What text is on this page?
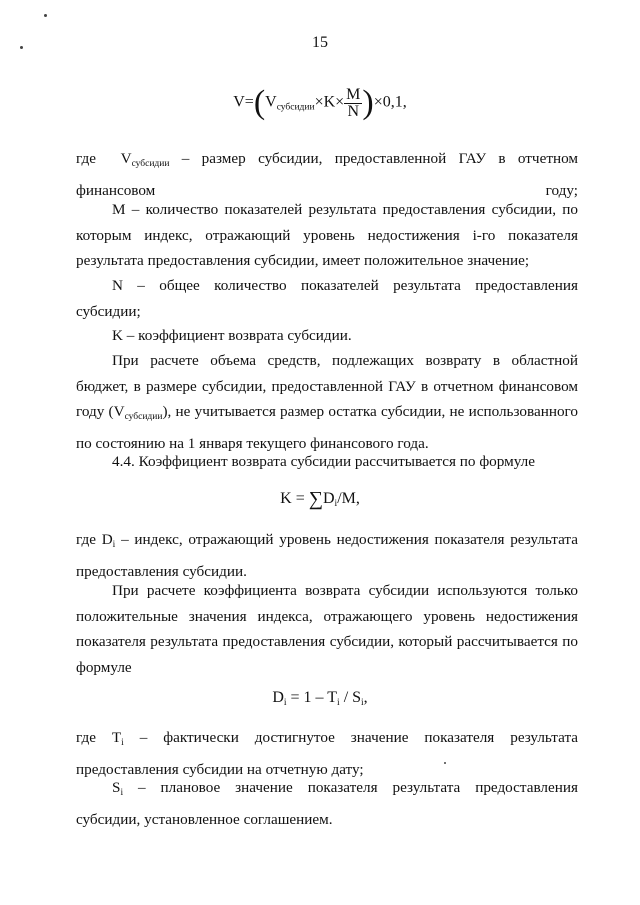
15
$V=(V_{субсидии}\times K\times \frac{M}{N} )\times 0,1$,
где $V_{субсидии}$ – размер субсидии, предоставленной ГАУ в отчетном финансовом году;
М – количество показателей результата предоставления субсидии, по которым индекс, отражающий уровень недостижения i-го показателя результата предоставления субсидии, имеет положительное значение;
N – общее количество показателей результата предоставления субсидии;
K – коэффициент возврата субсидии.
При расчете объема средств, подлежащих возврату в областной бюджет, в размере субсидии, предоставленной ГАУ в отчетном финансовом году $(V_{субсидии})$, не учитывается размер остатка субсидии, не использованного по состоянию на 1 января текущего финансового года.
4.4. Коэффициент возврата субсидии рассчитывается по формуле
$K = \sum D_i/M$,
где $D_i$ – индекс, отражающий уровень недостижения показателя результата предоставления субсидии.
При расчете коэффициента возврата субсидии используются только положительные значения индекса, отражающего уровень недостижения показателя результата предоставления субсидии, который рассчитывается по формуле
$D_i = 1 - T_i / S_i$,
где $T_i$ – фактически достигнутое значение показателя результата предоставления субсидии на отчетную дату;
$S_i$ – плановое значение показателя результата предоставления субсидии, установленное соглашением.
